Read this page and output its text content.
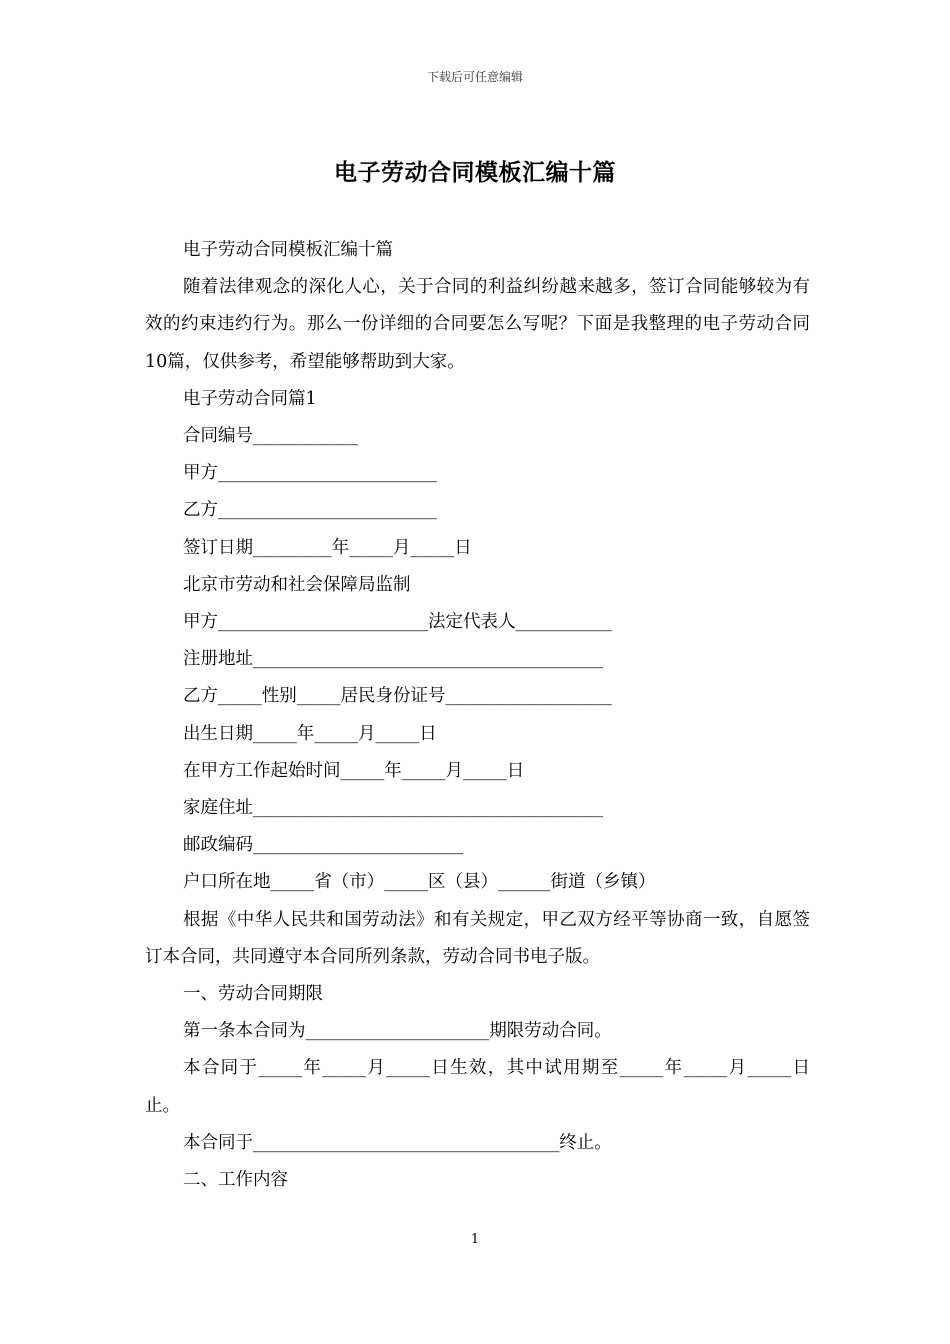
下载后可任意编辑
电子劳动合同模板汇编十篇

电子劳动合同模板汇编十篇

随着法律观念的深化人心，关于合同的利益纠纷越来越多，签订合同能够较为有效的约束违约行为。那么一份详细的合同要怎么写呢？下面是我整理的电子劳动合同10篇，仅供参考，希望能够帮助到大家。

电子劳动合同篇1

合同编号____________

甲方_________________________

乙方_________________________

签订日期_________年_____月_____日

北京市劳动和社会保障局监制

甲方________________________法定代表人___________

注册地址________________________________________

乙方_____性别_____居民身份证号___________________

出生日期_____年_____月_____日

在甲方工作起始时间_____年_____月_____日

家庭住址________________________________________

邮政编码________________________

户口所在地_____省（市）_____区（县）______街道（乡镇）

根据《中华人民共和国劳动法》和有关规定，甲乙双方经平等协商一致，自愿签订本合同，共同遵守本合同所列条款，劳动合同书电子版。

一、劳动合同期限

第一条本合同为_____________________期限劳动合同。

本合同于_____年_____月_____日生效，其中试用期至_____年_____月_____日止。

本合同于___________________________________终止。

二、工作内容

1
